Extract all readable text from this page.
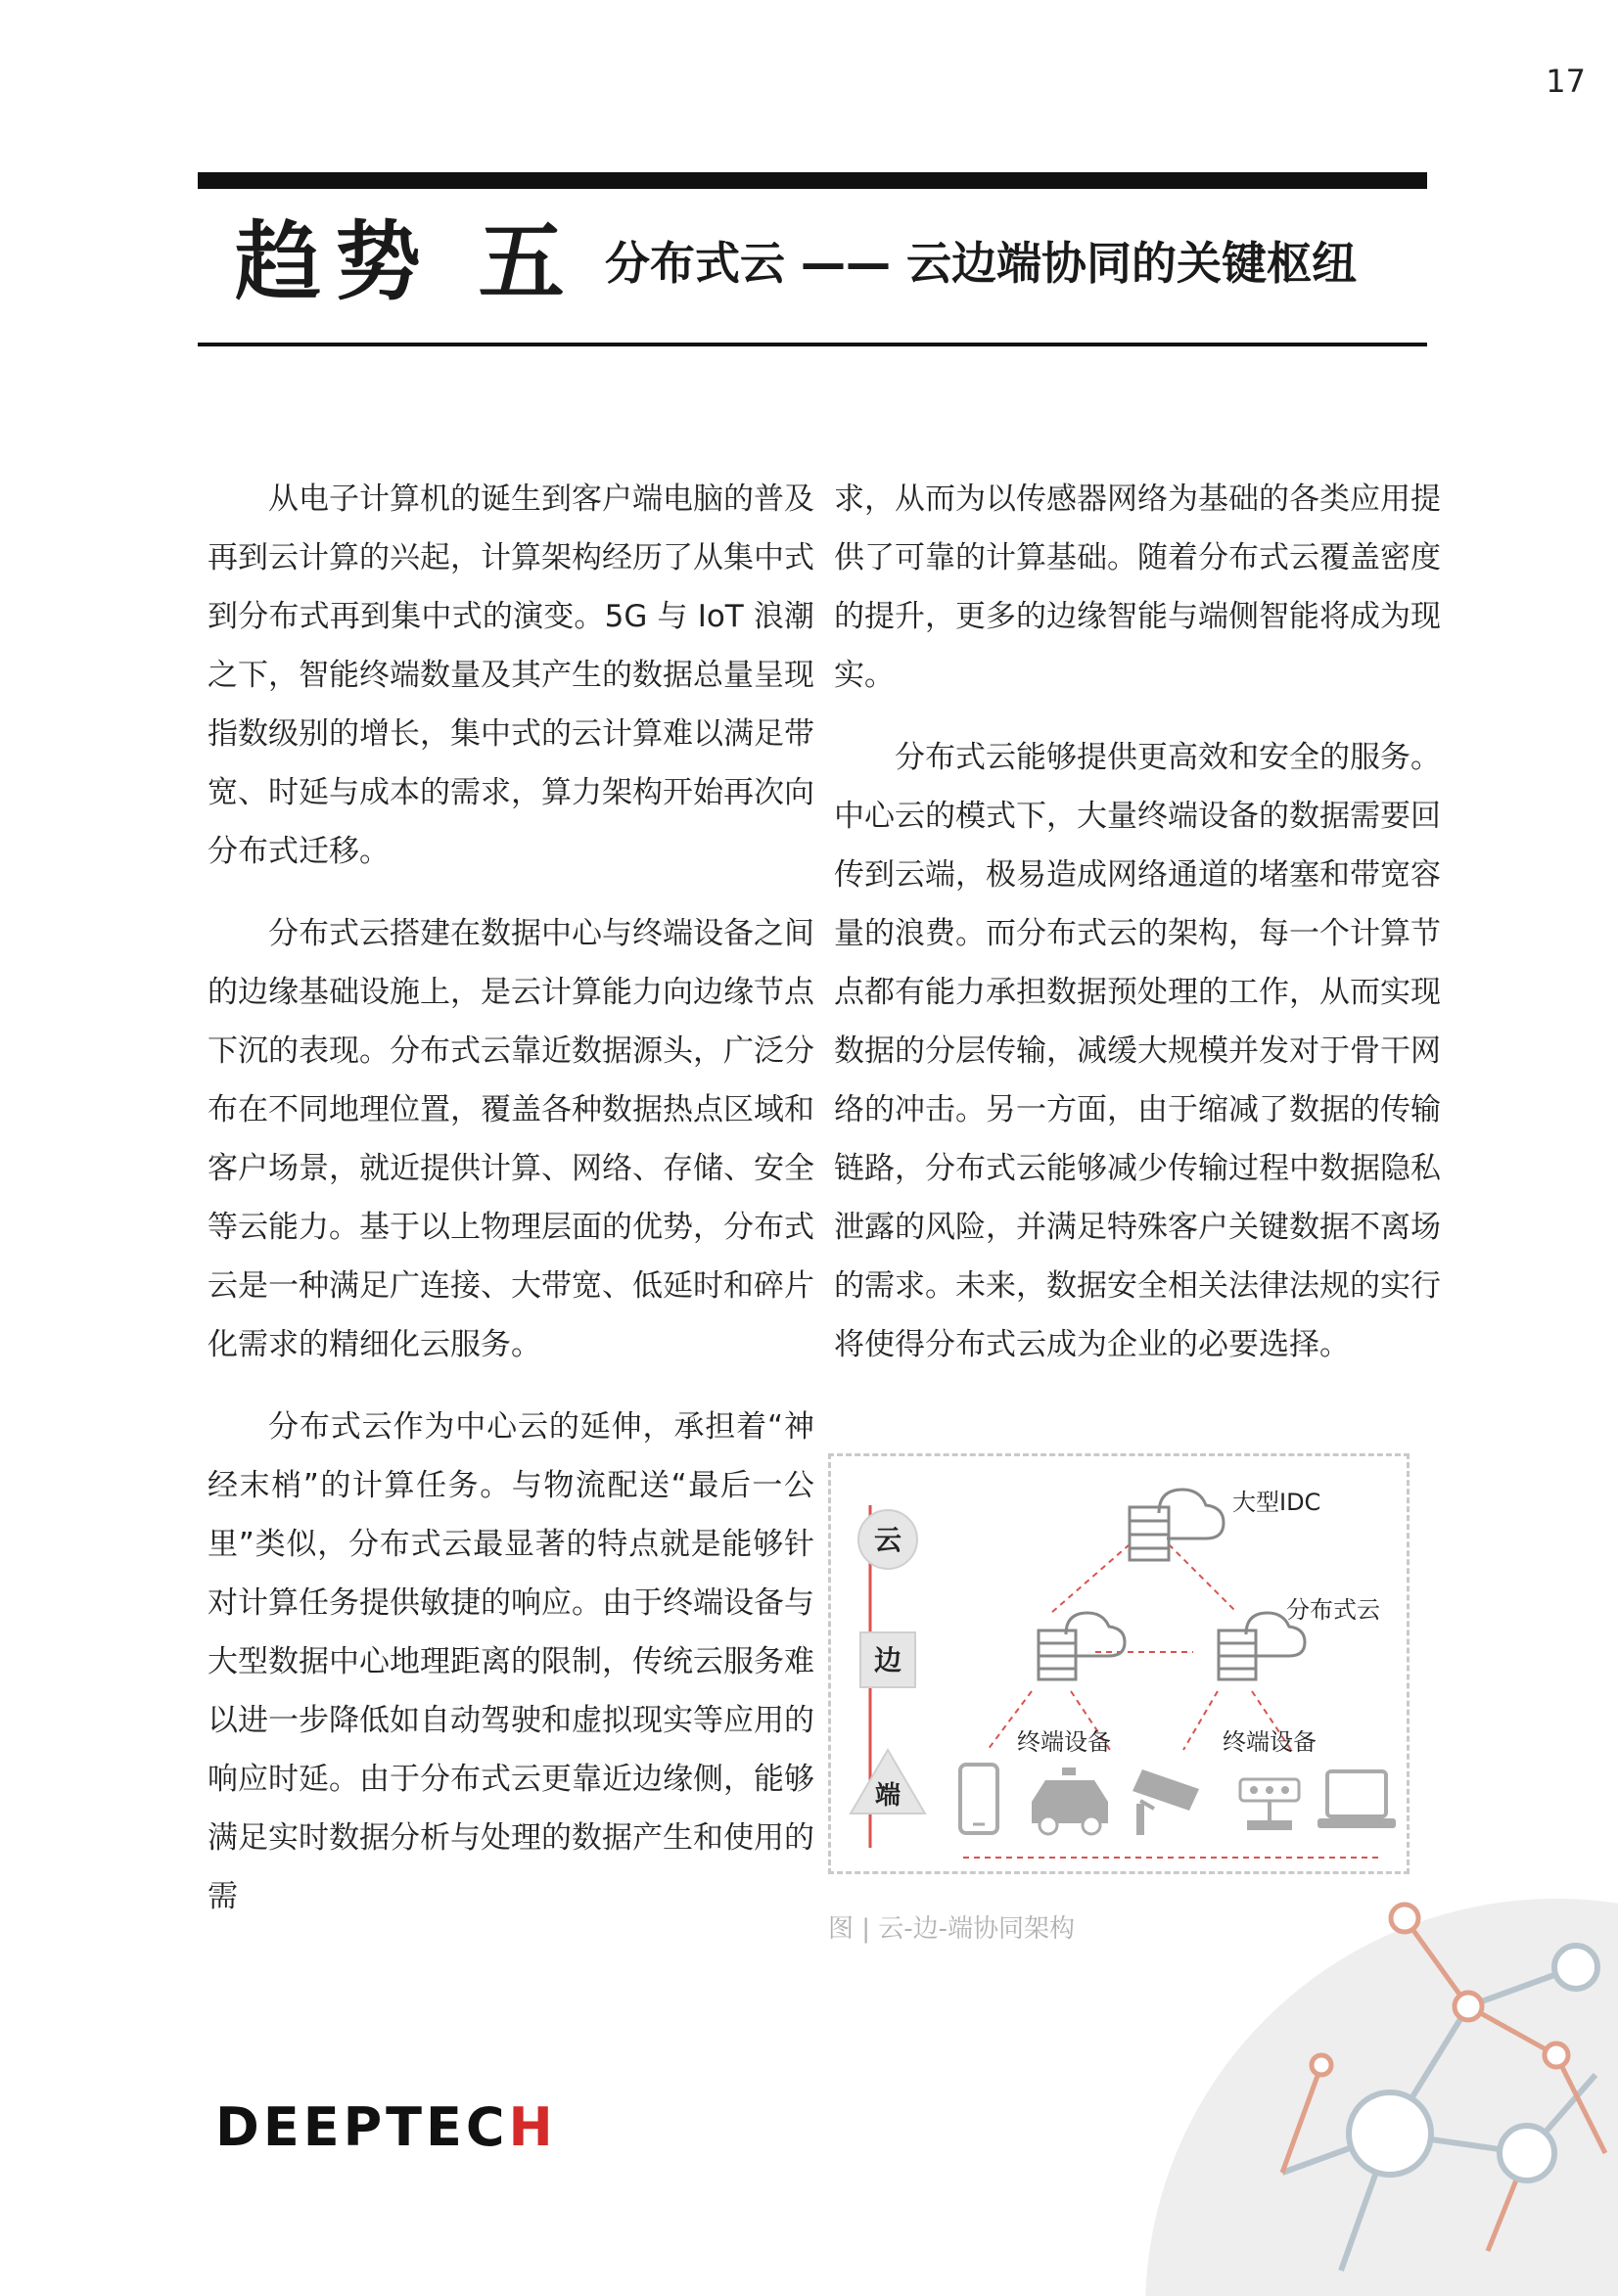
17
趋势 五 分布式云 —— 云边端协同的关键枢纽

从电子计算机的诞生到客户端电脑的普及再到云计算的兴起，计算架构经历了从集中式到分布式再到集中式的演变。5G 与 IoT 浪潮之下，智能终端数量及其产生的数据总量呈现指数级别的增长，集中式的云计算难以满足带宽、时延与成本的需求，算力架构开始再次向分布式迁移。

分布式云搭建在数据中心与终端设备之间的边缘基础设施上，是云计算能力向边缘节点下沉的表现。分布式云靠近数据源头，广泛分布在不同地理位置，覆盖各种数据热点区域和客户场景，就近提供计算、网络、存储、安全等云能力。基于以上物理层面的优势，分布式云是一种满足广连接、大带宽、低延时和碎片化需求的精细化云服务。

分布式云作为中心云的延伸，承担着“神经末梢”的计算任务。与物流配送“最后一公里”类似，分布式云最显著的特点就是能够针对计算任务提供敏捷的响应。由于终端设备与大型数据中心地理距离的限制，传统云服务难以进一步降低如自动驾驶和虚拟现实等应用的响应时延。由于分布式云更靠近边缘侧，能够满足实时数据分析与处理的数据产生和使用的需

求，从而为以传感器网络为基础的各类应用提供了可靠的计算基础。随着分布式云覆盖密度的提升，更多的边缘智能与端侧智能将成为现实。

分布式云能够提供更高效和安全的服务。中心云的模式下，大量终端设备的数据需要回传到云端，极易造成网络通道的堵塞和带宽容量的浪费。而分布式云的架构，每一个计算节点都有能力承担数据预处理的工作，从而实现数据的分层传输，减缓大规模并发对于骨干网络的冲击。另一方面，由于缩减了数据的传输链路，分布式云能够减少传输过程中数据隐私泄露的风险，并满足特殊客户关键数据不离场的需求。未来，数据安全相关法律法规的实行将使得分布式云成为企业的必要选择。

云
边
端
大型IDC
分布式云
终端设备	终端设备
图 | 云-边-端协同架构
DEEPTECH
